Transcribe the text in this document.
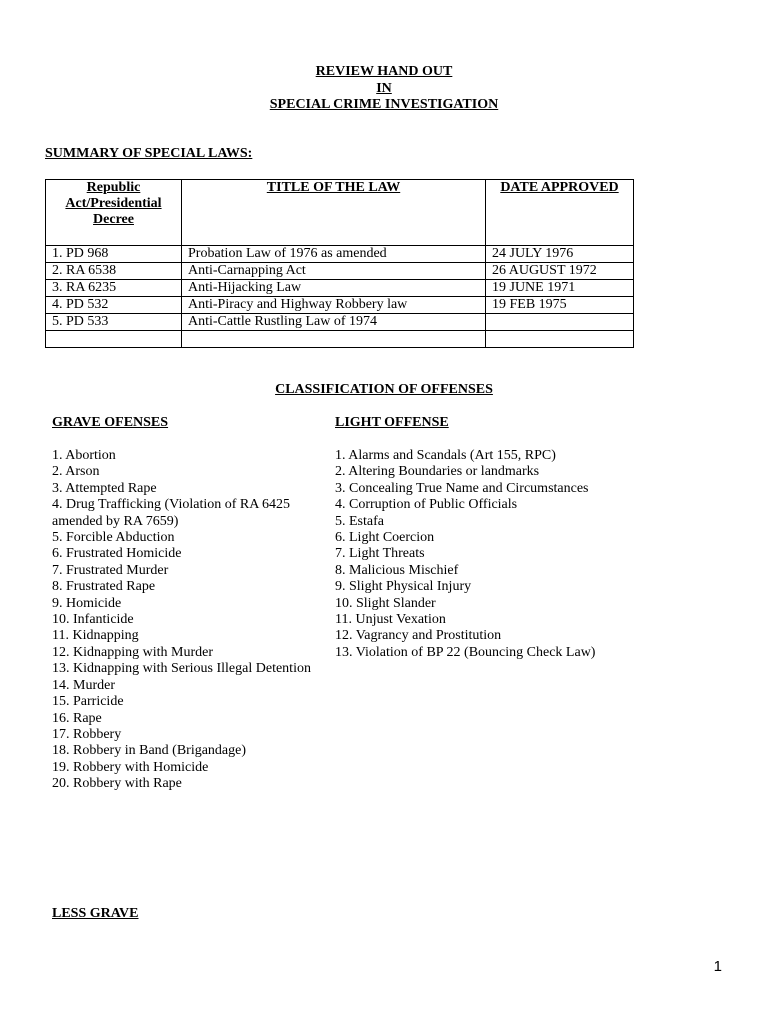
REVIEW HAND OUT
IN
SPECIAL CRIME INVESTIGATION
SUMMARY OF SPECIAL LAWS:
Republic Act/Presidential Decree	TITLE OF THE LAW	DATE APPROVED
1. PD 968	Probation Law of 1976 as amended	24 JULY 1976
2. RA 6538	Anti-Carnapping Act	26 AUGUST 1972
3. RA 6235	Anti-Hijacking Law	19 JUNE 1971
4. PD 532	Anti-Piracy and Highway Robbery law	19 FEB 1975
5. PD 533	Anti-Cattle Rustling Law of 1974	

CLASSIFICATION OF OFFENSES
GRAVE OFENSES
1. Abortion
2. Arson
3. Attempted Rape
4. Drug Trafficking (Violation of RA 6425 amended by RA 7659)
5. Forcible Abduction
6. Frustrated Homicide
7. Frustrated Murder
8. Frustrated Rape
9. Homicide
10. Infanticide
11. Kidnapping
12. Kidnapping with Murder
13. Kidnapping with Serious Illegal Detention
14. Murder
15. Parricide
16. Rape
17. Robbery
18. Robbery in Band (Brigandage)
19. Robbery with Homicide
20. Robbery with Rape
LIGHT OFFENSE
1. Alarms and Scandals (Art 155, RPC)
2. Altering Boundaries or landmarks
3. Concealing True Name and Circumstances
4. Corruption of Public Officials
5. Estafa
6. Light Coercion
7. Light Threats
8. Malicious Mischief
9. Slight Physical Injury
10. Slight Slander
11. Unjust Vexation
12. Vagrancy and Prostitution
13. Violation of BP 22 (Bouncing Check Law)
LESS GRAVE
1
